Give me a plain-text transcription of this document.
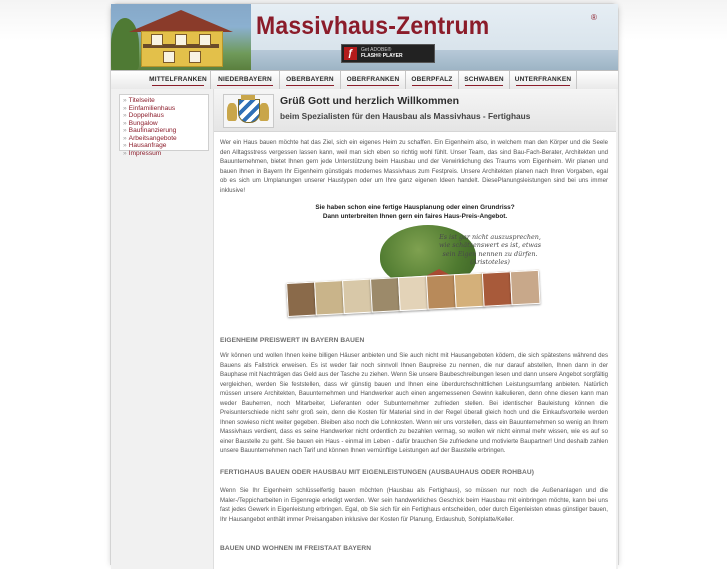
Massivhaus-Zentrum	®
ƒ	Get ADOBE®
FLASH® PLAYER
MITTELFRANKEN	NIEDERBAYERN	OBERBAYERN	OBERFRANKEN	OBERPFALZ	SCHWABEN	UNTERFRANKEN
» Titelseite
» Einfamilienhaus
» Doppelhaus
» Bungalow
» Baufinanzierung
» Arbeitsangebote
» Hausanfrage
» Impressum
Grüß Gott und herzlich Willkommen
beim Spezialisten für den Hausbau als Massivhaus - Fertighaus

Wer ein Haus bauen möchte hat das Ziel, sich ein eigenes Heim zu schaffen. Ein Eigenheim also, in welchem man den Körper und die Seele den Alltagsstress vergessen lassen kann, weil man sich eben so richtig wohl fühlt. Unser Team, das sind Bau-Fach-Berater, Architekten und Bauunternehmen, bietet Ihnen gern jede Unterstützung beim Hausbau und der Verwirklichung des Traums vom Eigenheim. Wir planen und bauen Ihnen in Bayern Ihr Eigenheim günstigals modernes Massivhaus zum Festpreis. Unsere Architekten planen nach Ihren Vorgaben, egal ob es sich um Umplanungen unserer Haustypen oder um Ihre ganz eigenen Ideen handelt. DiesePlanungsleistungen sind bei uns immer inklusive!

Sie haben schon eine fertige Hausplanung oder einen Grundriss?
Dann unterbreiten Ihnen gern ein faires Haus-Preis-Angebot.
Es ist gar nicht auszusprechen,
wie schätzenswert es ist, etwas
sein Eigen nennen zu dürfen.
(Aristoteles)
EIGENHEIM PREISWERT IN BAYERN BAUEN

Wir können und wollen Ihnen keine billigen Häuser anbieten und Sie auch nicht mit Hausangeboten ködern, die sich spätestens während des Bauens als Fallstrick erweisen. Es ist weder fair noch sinnvoll Ihnen Baupreise zu nennen, die nur darauf abstellen, Ihnen dann in der Bauphase mit Nachträgen das Geld aus der Tasche zu ziehen. Wenn Sie unsere Baubeschreibungen lesen und dann unsere Angebot sorgfältig vergleichen, werden Sie feststellen, dass wir günstig bauen und Ihnen eine überdurchschnittlichen Leistungsumfang anbieten. Natürlich müssen unsere Architekten, Bauunternehmen und Handwerker auch einen angemessenen Gewinn kalkulieren, denn ohne diesen kann man weder Bauherren, noch Mitarbeiter, Lieferanten oder Subunternehmer zufrieden stellen. Bei identischer Bauleistung können die Preisunterschiede nicht sehr groß sein, denn die Kosten für Material sind in der Regel überall gleich hoch und die Einkaufsvorteile werden Ihnen sowieso nicht weiter gegeben. Bleiben also noch die Lohnkosten. Wenn wir uns vorstellen, dass ein Bauunternehmen so wenig an Ihrem Massivhaus verdient, dass es seine Handwerker nicht ordentlich zu bezahlen vermag, so wollen wir nicht einmal mehr wissen, wie es auf so einer Baustelle zu geht. Sie bauen ein Haus - einmal im Leben - dafür brauchen Sie zufriedene und motivierte Baupartner! Und deshalb zahlen unsere Bauunternehmen nach Tarif und können Ihnen vernünftige Leistungen auf der Baustelle erbringen.

FERTIGHAUS BAUEN ODER HAUSBAU MIT EIGENLEISTUNGEN (AUSBAUHAUS ODER ROHBAU)

Wenn Sie Ihr Eigenheim schlüsselfertig bauen möchten (Hausbau als Fertighaus), so müssen nur noch die Außenanlagen und die Maler-/Teppicharbeiten in Eigenregie erledigt werden. Wer sein handwerkliches Geschick beim Hausbau mit einbringen möchte, kann bei uns fast jedes Gewerk in Eigenleistung erbringen. Egal, ob Sie sich für ein Fertighaus entscheiden, oder durch Eigenleisten etwas günstiger bauen, Ihr Hausangebot enthält immer Preisangaben inklusive der Kosten für Planung, Erdaushub, Sohlplatte/Keller.

BAUEN UND WOHNEN IM FREISTAAT BAYERN
